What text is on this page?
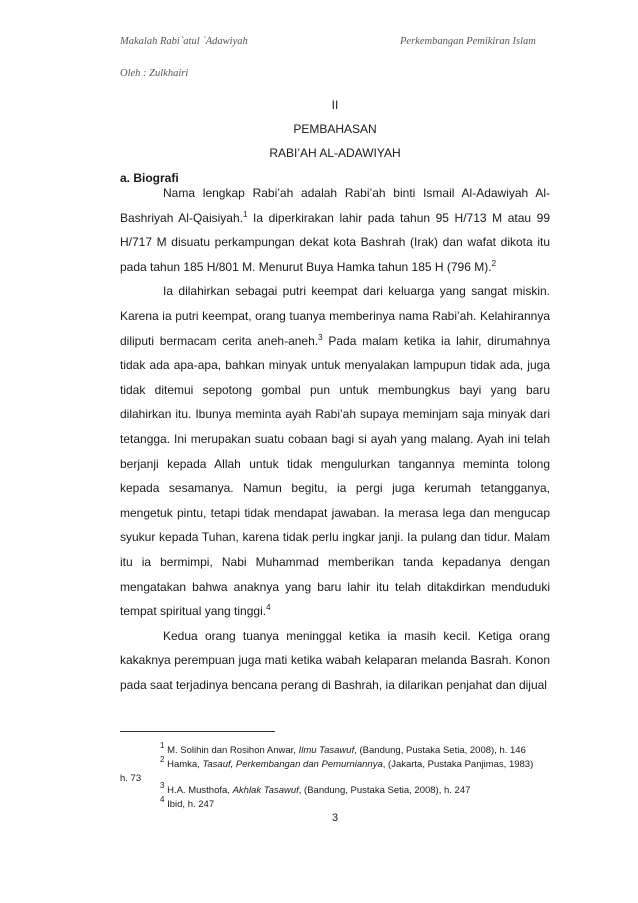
Makalah Rabi`atul `Adawiyah	Perkembangan Pemikiran Islam
Oleh : Zulkhairi
II
PEMBAHASAN
RABI’AH AL-ADAWIYAH
a. Biografi

Nama lengkap Rabi’ah adalah Rabi’ah binti Ismail Al-Adawiyah Al-Bashriyah Al-Qaisiyah.$^1$ Ia diperkirakan lahir pada tahun 95 H/713 M atau 99 H/717 M disuatu perkampungan dekat kota Bashrah (Irak) dan wafat dikota itu pada tahun 185 H/801 M. Menurut Buya Hamka tahun 185 H (796 M).$^2$

Ia dilahirkan sebagai putri keempat dari keluarga yang sangat miskin. Karena ia putri keempat, orang tuanya memberinya nama Rabi’ah. Kelahirannya diliputi bermacam cerita aneh-aneh.$^3$ Pada malam ketika ia lahir, dirumahnya tidak ada apa-apa, bahkan minyak untuk menyalakan lampupun tidak ada, juga tidak ditemui sepotong gombal pun untuk membungkus bayi yang baru dilahirkan itu. Ibunya meminta ayah Rabi’ah supaya meminjam saja minyak dari tetangga. Ini merupakan suatu cobaan bagi si ayah yang malang. Ayah ini telah berjanji kepada Allah untuk tidak mengulurkan tangannya meminta tolong kepada sesamanya. Namun begitu, ia pergi juga kerumah tetangganya, mengetuk pintu, tetapi tidak mendapat jawaban. Ia merasa lega dan mengucap syukur kepada Tuhan, karena tidak perlu ingkar janji. Ia pulang dan tidur. Malam itu ia bermimpi, Nabi Muhammad memberikan tanda kepadanya dengan mengatakan bahwa anaknya yang baru lahir itu telah ditakdirkan menduduki tempat spiritual yang tinggi.$^4$

Kedua orang tuanya meninggal ketika ia masih kecil. Ketiga orang kakaknya perempuan juga mati ketika wabah kelaparan melanda Basrah. Konon pada saat terjadinya bencana perang di Bashrah, ia dilarikan penjahat dan dijual

$^1$ M. Solihin dan Rosihon Anwar, Ilmu Tasawuf, (Bandung, Pustaka Setia, 2008), h. 146
$^2$ Hamka, Tasauf, Perkembangan dan Pemurniannya, (Jakarta, Pustaka Panjimas, 1983)
h. 73
$^3$ H.A. Musthofa, Akhlak Tasawuf, (Bandung, Pustaka Setia, 2008), h. 247
$^4$ Ibid, h. 247
3
